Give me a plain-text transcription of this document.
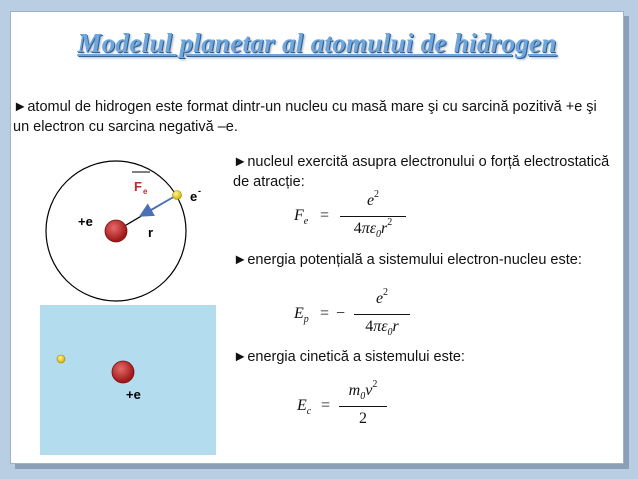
Modelul planetar al atomului de hidrogen
►atomul de hidrogen este format dintr-un nucleu cu masă mare şi cu sarcină pozitivă +e şi un electron cu sarcina negativă –e.
►nucleul exercită asupra electronului o forță electrostatică de atracție:
►energia potențială a sistemului electron-nucleu este:
►energia cinetică a sistemului este:
F e	e -
+e
r
+e
$F_e$ =
$e^2$
$4\pi\varepsilon_0r^2$
$E_p$ = −
$e^2$
$4\pi\varepsilon_0r$
$E_c$ =
$m_0v^2$
2
